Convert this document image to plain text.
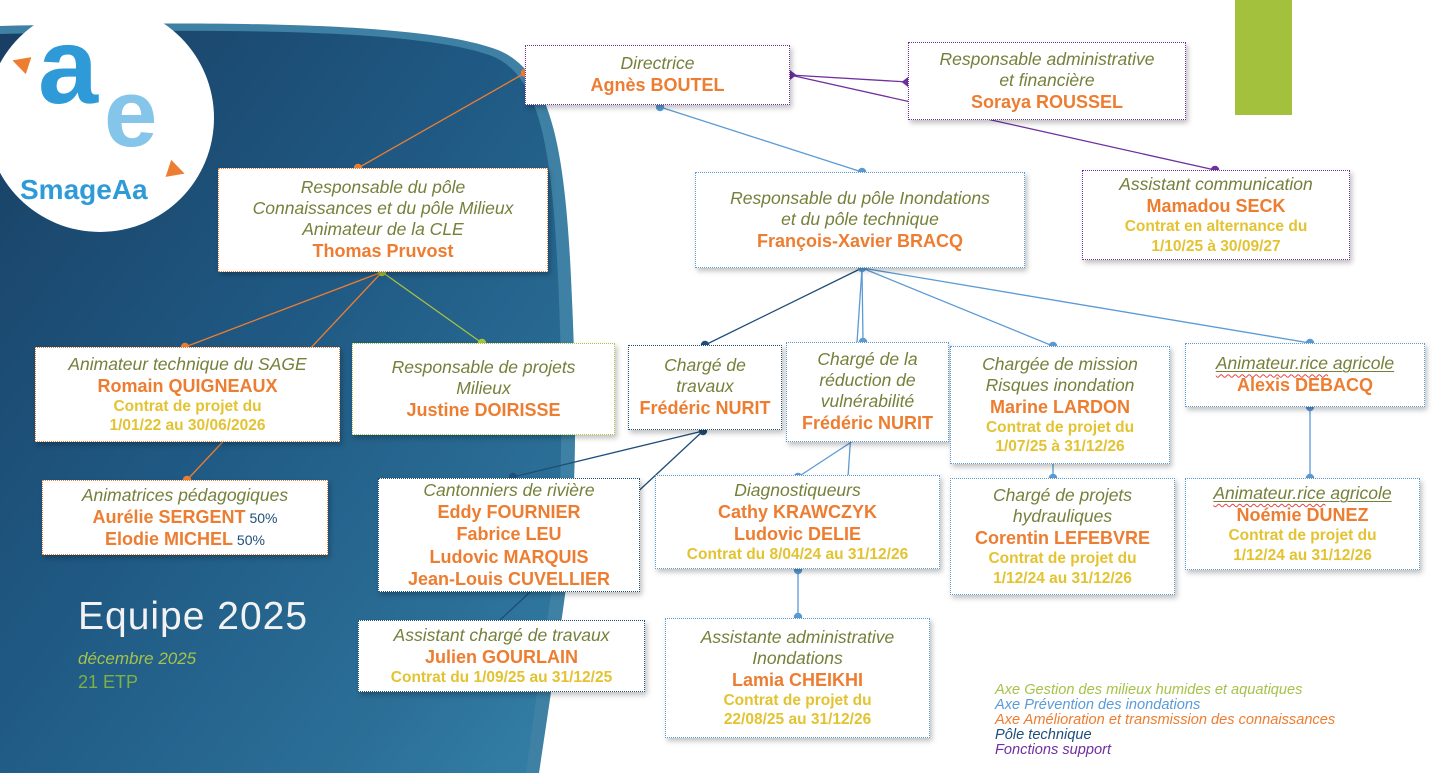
a e
SmageAa
Directrice
Agnès BOUTEL
Responsable administrative
et financière
Soraya ROUSSEL
Assistant communication
Mamadou SECK
Contrat en alternance du
1/10/25 à 30/09/27
Responsable du pôle
Connaissances et du pôle Milieux
Animateur de la CLE
Thomas Pruvost
Responsable du pôle Inondations
et du pôle technique
François-Xavier BRACQ
Animateur technique du SAGE
Romain QUIGNEAUX
Contrat de projet du
1/01/22 au 30/06/2026
Responsable de projets
Milieux
Justine DOIRISSE
Chargé de
travaux
Frédéric NURIT
Chargé de la
réduction de
vulnérabilité
Frédéric NURIT
Chargée de mission
Risques inondation
Marine LARDON
Contrat de projet du
1/07/25 à 31/12/26
Animateur.rice agricole
Alexis DEBACQ
Animatrices pédagogiques
Aurélie SERGENT 50%
Elodie MICHEL 50%
Cantonniers de rivière
Eddy FOURNIER
Fabrice LEU
Ludovic MARQUIS
Jean-Louis CUVELLIER
Diagnostiqueurs
Cathy KRAWCZYK
Ludovic DELIE
Contrat du 8/04/24 au 31/12/26
Chargé de projets
hydrauliques
Corentin LEFEBVRE
Contrat de projet du
1/12/24 au 31/12/26
Animateur.rice agricole
Noémie DUNEZ
Contrat de projet du
1/12/24 au 31/12/26
Assistant chargé de travaux
Julien GOURLAIN
Contrat du 1/09/25 au 31/12/25
Assistante administrative
Inondations
Lamia CHEIKHI
Contrat de projet du
22/08/25 au 31/12/26
Equipe 2025
décembre 2025
21 ETP	Axe Gestion des milieux humides et aquatiques
Axe Prévention des inondations
Axe Amélioration et transmission des connaissances
Pôle technique
Fonctions support
